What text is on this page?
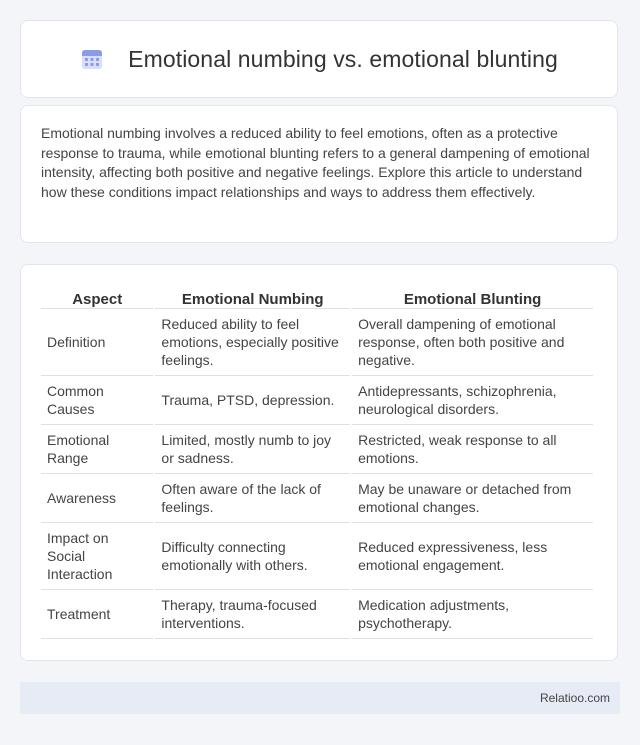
Emotional numbing vs. emotional blunting

Emotional numbing involves a reduced ability to feel emotions, often as a protective response to trauma, while emotional blunting refers to a general dampening of emotional intensity, affecting both positive and negative feelings. Explore this article to understand how these conditions impact relationships and ways to address them effectively.

Aspect	Emotional Numbing	Emotional Blunting
Definition	Reduced ability to feel emotions, especially positive feelings.	Overall dampening of emotional response, often both positive and negative.
Common Causes	Trauma, PTSD, depression.	Antidepressants, schizophrenia, neurological disorders.
Emotional Range	Limited, mostly numb to joy or sadness.	Restricted, weak response to all emotions.
Awareness	Often aware of the lack of feelings.	May be unaware or detached from emotional changes.
Impact on Social Interaction	Difficulty connecting emotionally with others.	Reduced expressiveness, less emotional engagement.
Treatment	Therapy, trauma-focused interventions.	Medication adjustments, psychotherapy.
Relatioo.com
